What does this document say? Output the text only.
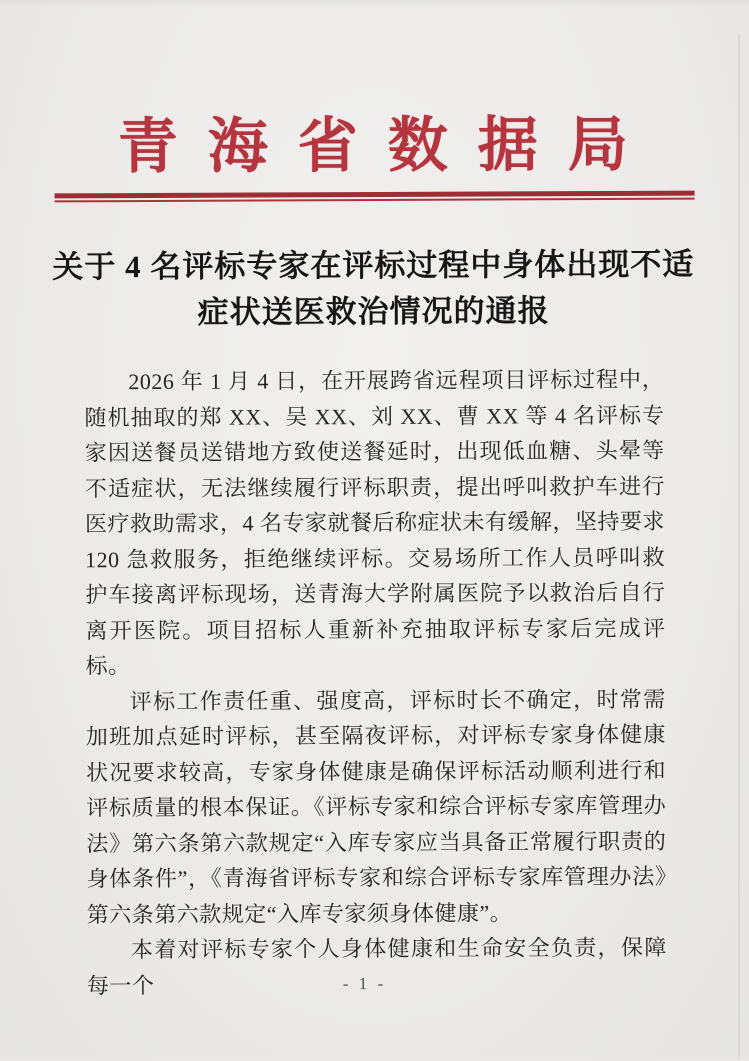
青海省数据局
关于 4 名评标专家在评标过程中身体出现不适
症状送医救治情况的通报

2026 年 1 月 4 日，在开展跨省远程项目评标过程中，随机抽取的郑 XX、吴 XX、刘 XX、曹 XX 等 4 名评标专家因送餐员送错地方致使送餐延时，出现低血糖、头晕等不适症状，无法继续履行评标职责，提出呼叫救护车进行医疗救助需求，4 名专家就餐后称症状未有缓解，坚持要求 120 急救服务，拒绝继续评标。交易场所工作人员呼叫救护车接离评标现场，送青海大学附属医院予以救治后自行离开医院。项目招标人重新补充抽取评标专家后完成评标。

评标工作责任重、强度高，评标时长不确定，时常需加班加点延时评标，甚至隔夜评标，对评标专家身体健康状况要求较高，专家身体健康是确保评标活动顺利进行和评标质量的根本保证。《评标专家和综合评标专家库管理办法》第六条第六款规定“入库专家应当具备正常履行职责的身体条件”，《青海省评标专家和综合评标专家库管理办法》第六条第六款规定“入库专家须身体健康”。

本着对评标专家个人身体健康和生命安全负责，保障每一个	- 1 -
